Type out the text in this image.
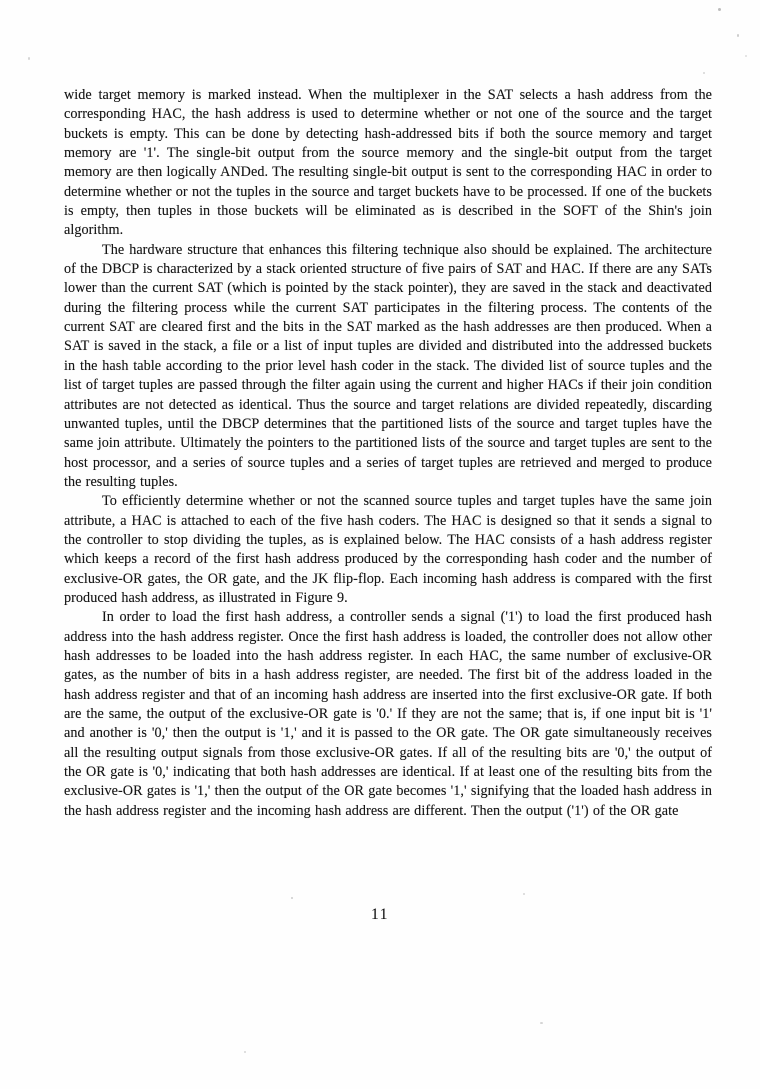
wide target memory is marked instead. When the multiplexer in the SAT selects a hash address from the corresponding HAC, the hash address is used to determine whether or not one of the source and the target buckets is empty. This can be done by detecting hash-addressed bits if both the source memory and target memory are '1'. The single-bit output from the source memory and the single-bit output from the target memory are then logically ANDed. The resulting single-bit output is sent to the corresponding HAC in order to determine whether or not the tuples in the source and target buckets have to be processed. If one of the buckets is empty, then tuples in those buckets will be eliminated as is described in the SOFT of the Shin's join algorithm.

The hardware structure that enhances this filtering technique also should be explained. The architecture of the DBCP is characterized by a stack oriented structure of five pairs of SAT and HAC. If there are any SATs lower than the current SAT (which is pointed by the stack pointer), they are saved in the stack and deactivated during the filtering process while the current SAT participates in the filtering process. The contents of the current SAT are cleared first and the bits in the SAT marked as the hash addresses are then produced. When a SAT is saved in the stack, a file or a list of input tuples are divided and distributed into the addressed buckets in the hash table according to the prior level hash coder in the stack. The divided list of source tuples and the list of target tuples are passed through the filter again using the current and higher HACs if their join condition attributes are not detected as identical. Thus the source and target relations are divided repeatedly, discarding unwanted tuples, until the DBCP determines that the partitioned lists of the source and target tuples have the same join attribute. Ultimately the pointers to the partitioned lists of the source and target tuples are sent to the host processor, and a series of source tuples and a series of target tuples are retrieved and merged to produce the resulting tuples.

To efficiently determine whether or not the scanned source tuples and target tuples have the same join attribute, a HAC is attached to each of the five hash coders. The HAC is designed so that it sends a signal to the controller to stop dividing the tuples, as is explained below. The HAC consists of a hash address register which keeps a record of the first hash address produced by the corresponding hash coder and the number of exclusive-OR gates, the OR gate, and the JK flip-flop. Each incoming hash address is compared with the first produced hash address, as illustrated in Figure 9.

In order to load the first hash address, a controller sends a signal ('1') to load the first produced hash address into the hash address register. Once the first hash address is loaded, the controller does not allow other hash addresses to be loaded into the hash address register. In each HAC, the same number of exclusive-OR gates, as the number of bits in a hash address register, are needed. The first bit of the address loaded in the hash address register and that of an incoming hash address are inserted into the first exclusive-OR gate. If both are the same, the output of the exclusive-OR gate is '0.' If they are not the same; that is, if one input bit is '1' and another is '0,' then the output is '1,' and it is passed to the OR gate. The OR gate simultaneously receives all the resulting output signals from those exclusive-OR gates. If all of the resulting bits are '0,' the output of the OR gate is '0,' indicating that both hash addresses are identical. If at least one of the resulting bits from the exclusive-OR gates is '1,' then the output of the OR gate becomes '1,' signifying that the loaded hash address in the hash address register and the incoming hash address are different. Then the output ('1') of the OR gate

11
